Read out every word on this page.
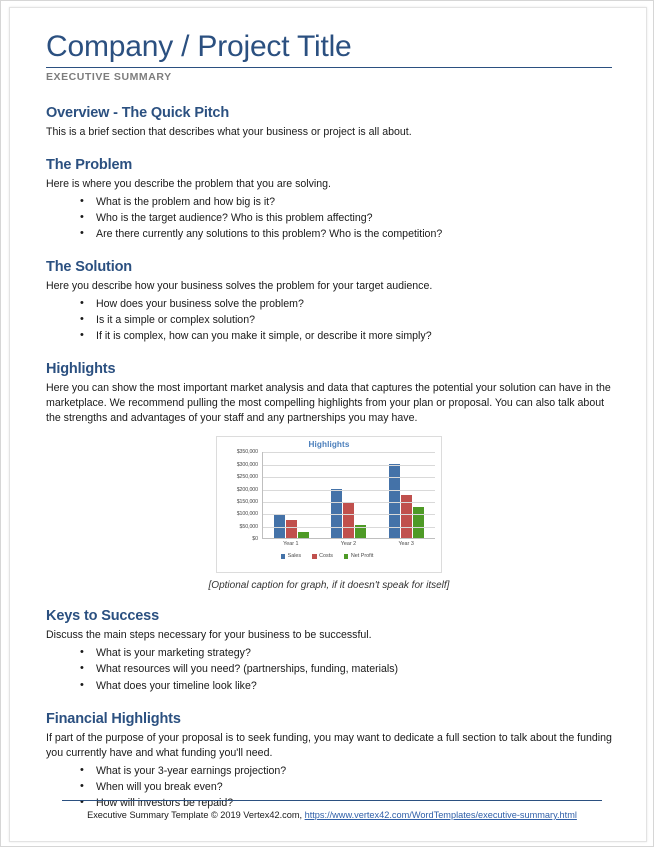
Company / Project Title
EXECUTIVE SUMMARY
Overview - The Quick Pitch

This is a brief section that describes what your business or project is all about.

The Problem

Here is where you describe the problem that you are solving.

• What is the problem and how big is it?
• Who is the target audience? Who is this problem affecting?
• Are there currently any solutions to this problem? Who is the competition?
The Solution

Here you describe how your business solves the problem for your target audience.

• How does your business solve the problem?
• Is it a simple or complex solution?
• If it is complex, how can you make it simple, or describe it more simply?
Highlights

Here you can show the most important market analysis and data that captures the potential your solution can have in the marketplace. We recommend pulling the most compelling highlights from your plan or proposal. You can also talk about the strengths and advantages of your staff and any partnerships you may have.

Highlights
$0
$50,000
$100,000
$150,000
$200,000
$250,000
$300,000
$350,000
Year 1	Year 2	Year 3
Sales	Costs	Net Profit
[Optional caption for graph, if it doesn't speak for itself]
Keys to Success

Discuss the main steps necessary for your business to be successful.

• What is your marketing strategy?
• What resources will you need? (partnerships, funding, materials)
• What does your timeline look like?
Financial Highlights

If part of the purpose of your proposal is to seek funding, you may want to dedicate a full section to talk about the funding you currently have and what funding you'll need.

• What is your 3-year earnings projection?
• When will you break even?
• How will investors be repaid?
Executive Summary Template © 2019 Vertex42.com, https://www.vertex42.com/WordTemplates/executive-summary.html
